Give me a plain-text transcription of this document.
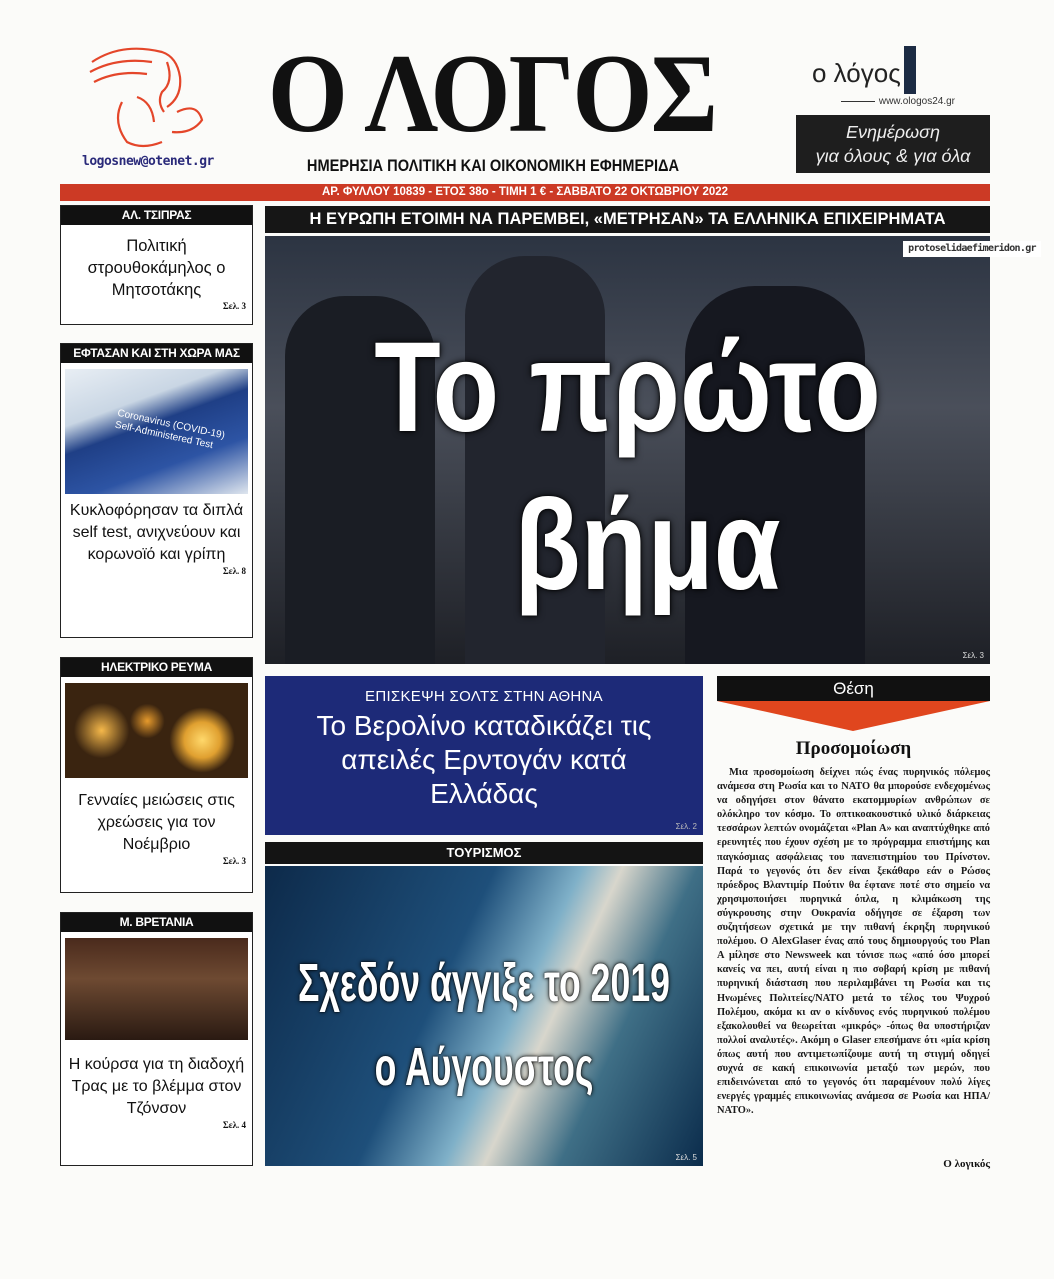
logosnew@otenet.gr
Ο ΛΟΓΟΣ
ΗΜΕΡΗΣΙΑ ΠΟΛΙΤΙΚΗ ΚΑΙ ΟΙΚΟΝΟΜΙΚΗ ΕΦΗΜΕΡΙΔΑ
ο λόγος
www.ologos24.gr
Ενημέρωση
για όλους & για όλα
ΑΡ. ΦΥΛΛΟΥ 10839 - ΕΤΟΣ 38ο - ΤΙΜΗ 1 € - ΣΑΒΒΑΤΟ 22 ΟΚΤΩΒΡΙΟΥ 2022
ΑΛ. ΤΣΙΠΡΑΣ
Πολιτική στρουθοκάμηλος ο Μητσοτάκης
Σελ. 3
ΕΦΤΑΣΑΝ ΚΑΙ ΣΤΗ ΧΩΡΑ ΜΑΣ
Coronavirus (COVID-19) Self-Administered Test
Κυκλοφόρησαν τα διπλά self test, ανιχνεύουν και κορωνοϊό και γρίπη
Σελ. 8
ΗΛΕΚΤΡΙΚΟ ΡΕΥΜΑ
Γενναίες μειώσεις στις χρεώσεις για τον Νοέμβριο
Σελ. 3
Μ. ΒΡΕΤΑΝΙΑ
Η κούρσα για τη διαδοχή Τρας με το βλέμμα στον Τζόνσον
Σελ. 4
Η ΕΥΡΩΠΗ ΕΤΟΙΜΗ ΝΑ ΠΑΡΕΜΒΕΙ, «ΜΕΤΡΗΣΑΝ» ΤΑ ΕΛΛΗΝΙΚΑ ΕΠΙΧΕΙΡΗΜΑΤΑ
Το πρώτο
βήμα
Σελ. 3
protoselidaefimeridon.gr
ΕΠΙΣΚΕΨΗ ΣΟΛΤΣ ΣΤΗΝ ΑΘΗΝΑ
Το Βερολίνο καταδικάζει τις απειλές Ερντογάν κατά Ελλάδας
Σελ. 2
ΤΟΥΡΙΣΜΟΣ
Σχεδόν άγγιξε το 2019
ο Αύγουστος
Σελ. 5
Θέση
Προσομοίωση
Μια προσομοίωση δείχνει πώς ένας πυρηνικός πόλεμος ανάμεσα στη Ρωσία και το ΝΑΤΟ θα μπορούσε ενδεχομένως να οδηγήσει στον θάνατο εκατομμυρίων ανθρώπων σε ολόκληρο τον κόσμο. Το οπτικοακουστικό υλικό διάρκειας τεσσάρων λεπτών ονομάζεται «Plan A» και αναπτύχθηκε από ερευνητές που έχουν σχέση με το πρόγραμμα επιστήμης και παγκόσμιας ασφάλειας του πανεπιστημίου του Πρίνστον. Παρά το γεγονός ότι δεν είναι ξεκάθαρο εάν ο Ρώσος πρόεδρος Βλαντιμίρ Πούτιν θα έφτανε ποτέ στο σημείο να χρησιμοποιήσει πυρηνικά όπλα, η κλιμάκωση της σύγκρουσης στην Ουκρανία οδήγησε σε έξαρση των συζητήσεων σχετικά με την πιθανή έκρηξη πυρηνικού πολέμου. Ο AlexGlaser ένας από τους δημιουργούς του Plan A μίλησε στο Newsweek και τόνισε πως «από όσο μπορεί κανείς να πει, αυτή είναι η πιο σοβαρή κρίση με πιθανή πυρηνική διάσταση που περιλαμβάνει τη Ρωσία και τις Ηνωμένες Πολιτείες/ΝΑΤΟ μετά το τέλος του Ψυχρού Πολέμου, ακόμα κι αν ο κίνδυνος ενός πυρηνικού πολέμου εξακολουθεί να θεωρείται «μικρός» -όπως θα υποστήριζαν πολλοί αναλυτές». Ακόμη ο Glaser επεσήμανε ότι «μία κρίση όπως αυτή που αντιμετωπίζουμε αυτή τη στιγμή οδηγεί συχνά σε κακή επικοινωνία μεταξύ των μερών, που επιδεινώνεται από το γεγονός ότι παραμένουν πολύ λίγες ενεργές γραμμές επικοινωνίας ανάμεσα σε Ρωσία και ΗΠΑ/ΝΑΤΟ».
Ο λογικός
